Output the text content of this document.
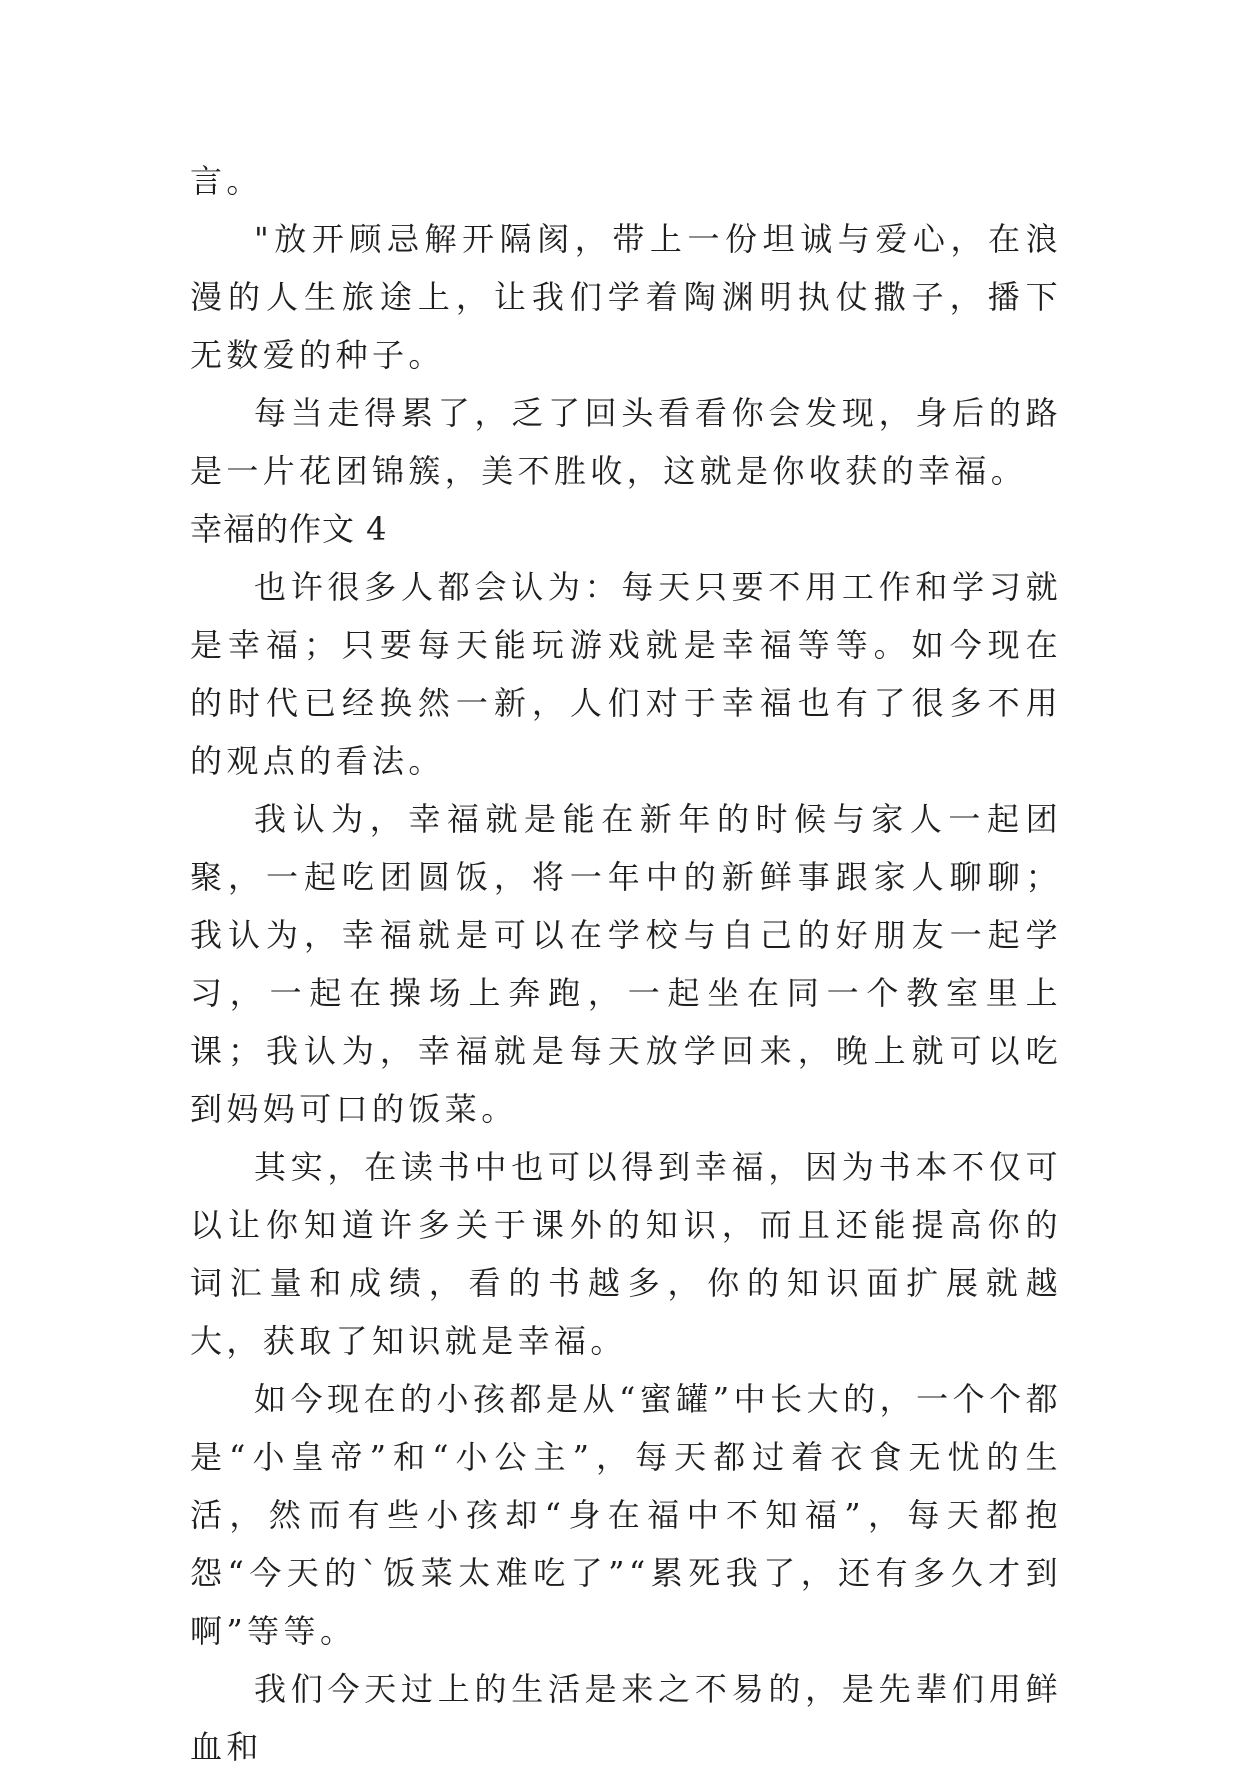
言。

"放开顾忌解开隔阂，带上一份坦诚与爱心，在浪漫的人生旅途上，让我们学着陶渊明执仗撒子，播下无数爱的种子。

每当走得累了，乏了回头看看你会发现，身后的路是一片花团锦簇，美不胜收，这就是你收获的幸福。

幸福的作文 4

也许很多人都会认为：每天只要不用工作和学习就是幸福；只要每天能玩游戏就是幸福等等。如今现在的时代已经换然一新，人们对于幸福也有了很多不用的观点的看法。

我认为，幸福就是能在新年的时候与家人一起团聚，一起吃团圆饭，将一年中的新鲜事跟家人聊聊；我认为，幸福就是可以在学校与自己的好朋友一起学习，一起在操场上奔跑，一起坐在同一个教室里上课；我认为，幸福就是每天放学回来，晚上就可以吃到妈妈可口的饭菜。

其实，在读书中也可以得到幸福，因为书本不仅可以让你知道许多关于课外的知识，而且还能提高你的词汇量和成绩，看的书越多，你的知识面扩展就越大，获取了知识就是幸福。

如今现在的小孩都是从“蜜罐”中长大的，一个个都是“小皇帝”和“小公主”，每天都过着衣食无忧的生活，然而有些小孩却“身在福中不知福”，每天都抱怨“今天的`饭菜太难吃了”“累死我了，还有多久才到啊”等等。

我们今天过上的生活是来之不易的，是先辈们用鲜血和
